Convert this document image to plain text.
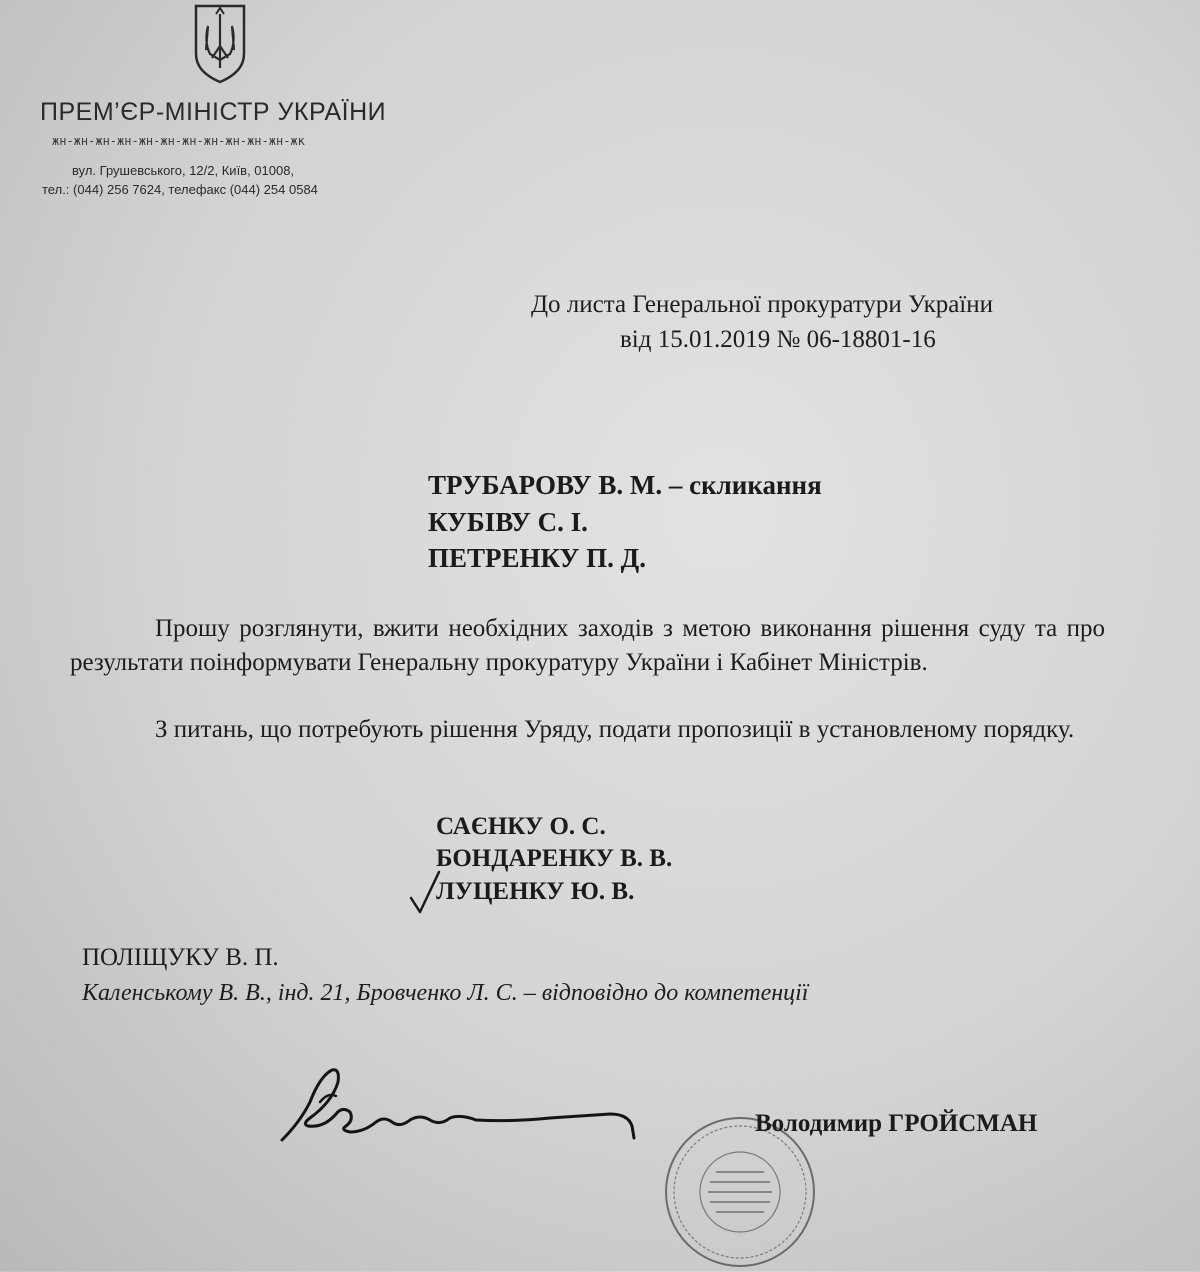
ПРЕМ’ЄР-МІНІСТР УКРАЇНИ
жн-жн-жн-жн-жн-жн-жн-жн-жн-жн-жн-жк
вул. Грушевського, 12/2, Київ, 01008,
тел.: (044) 256 7624, телефакс (044) 254 0584
До листа Генеральної прокуратури України
від 15.01.2019 № 06-18801-16
ТРУБАРОВУ В. М. – скликання
КУБІВУ С. І.
ПЕТРЕНКУ П. Д.
Прошу розглянути, вжити необхідних заходів з метою виконання рішення суду та про результати поінформувати Генеральну прокуратуру України і Кабінет Міністрів.
З питань, що потребують рішення Уряду, подати пропозиції в установленому порядку.
САЄНКУ О. С.
БОНДАРЕНКУ В. В.
ЛУЦЕНКУ Ю. В.
ПОЛІЩУКУ В. П.
Каленському В. В., інд. 21, Бровченко Л. С. – відповідно до компетенції
Володимир ГРОЙСМАН
